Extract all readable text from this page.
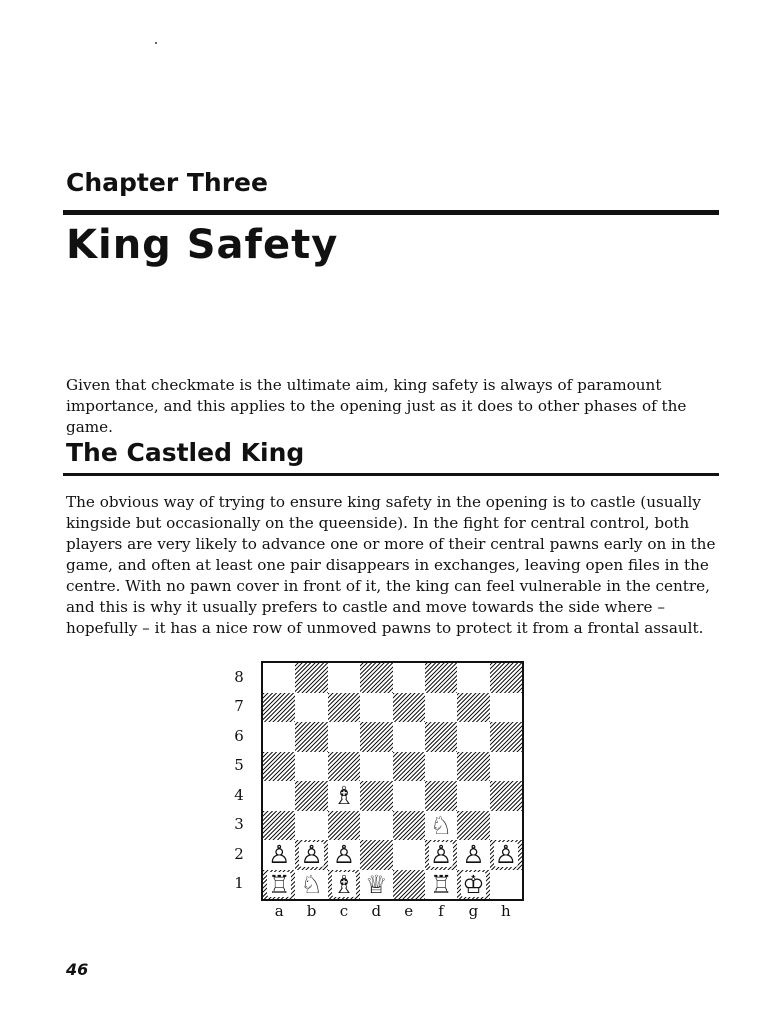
Chapter Three
King Safety

Given that checkmate is the ultimate aim, king safety is always of paramount importance, and this applies to the opening just as it does to other phases of the game.

The Castled King

The obvious way of trying to ensure king safety in the opening is to castle (usually kingside but occasionally on the queenside). In the fight for central control, both players are very likely to advance one or more of their central pawns early on in the game, and often at least one pair disappears in exchanges, leaving open files in the centre. With no pawn cover in front of it, the king can feel vulnerable in the centre, and this is why it usually prefers to castle and move towards the side where – hopefully – it has a nice row of unmoved pawns to protect it from a frontal assault.

♗
♘
♙ ♙ ♙	♙ ♙ ♙
♖ ♘ ♗ ♕ ♖ ♔

8

7

6

5

4

3

2

1

a	b	c	d	e	f	g	h

46
